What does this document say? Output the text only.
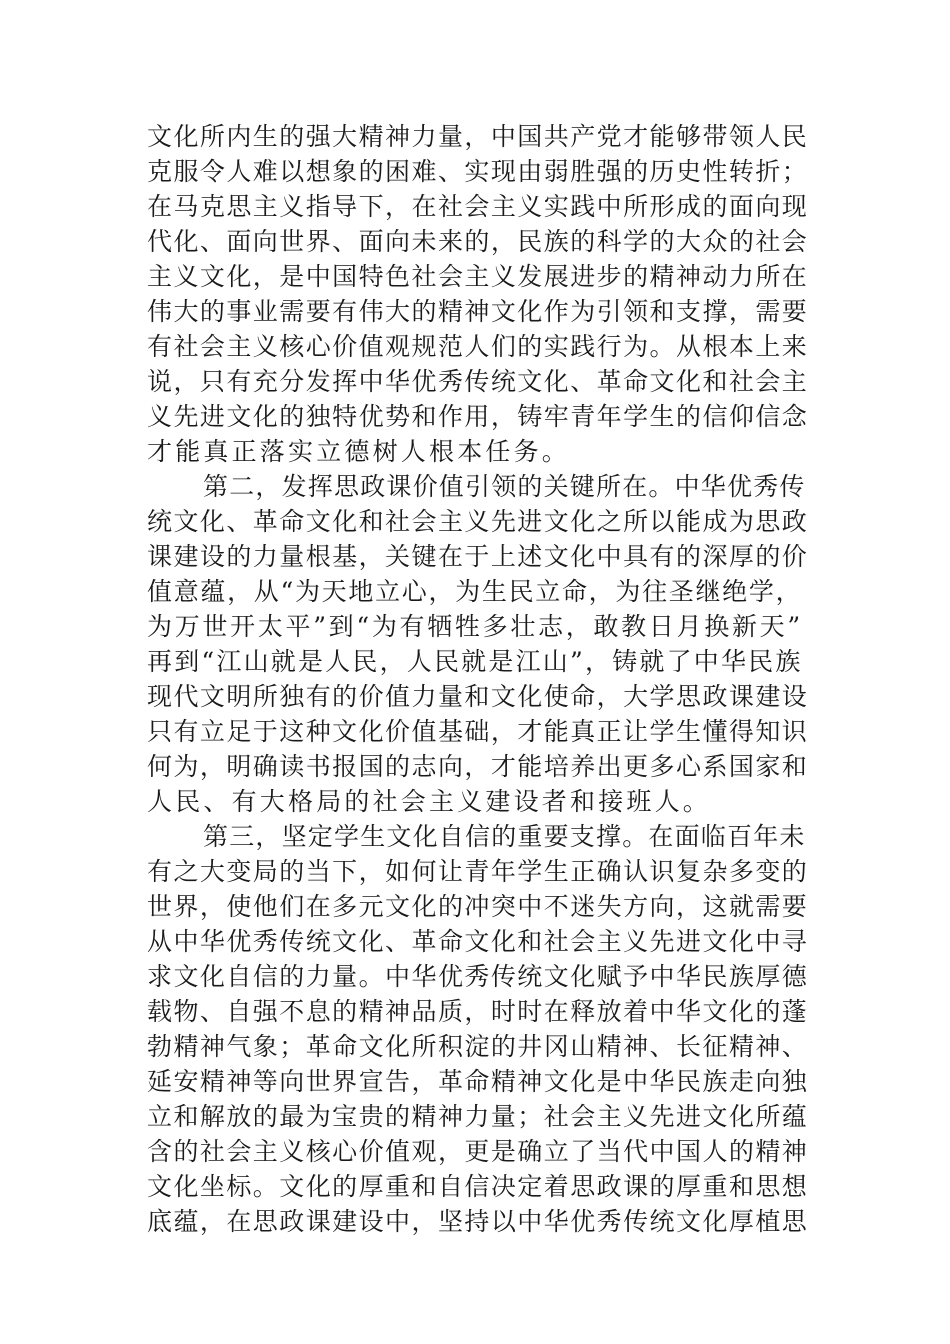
文化所内生的强大精神力量，中国共产党才能够带领人民
克服令人难以想象的困难、实现由弱胜强的历史性转折；
在马克思主义指导下，在社会主义实践中所形成的面向现
代化、面向世界、面向未来的，民族的科学的大众的社会
主义文化，是中国特色社会主义发展进步的精神动力所在
伟大的事业需要有伟大的精神文化作为引领和支撑，需要
有社会主义核心价值观规范人们的实践行为。从根本上来
说，只有充分发挥中华优秀传统文化、革命文化和社会主
义先进文化的独特优势和作用，铸牢青年学生的信仰信念
才能真正落实立德树人根本任务。
第二，发挥思政课价值引领的关键所在。中华优秀传
统文化、革命文化和社会主义先进文化之所以能成为思政
课建设的力量根基，关键在于上述文化中具有的深厚的价
值意蕴，从“为天地立心，为生民立命，为往圣继绝学，
为万世开太平”到“为有牺牲多壮志，敢教日月换新天”
再到“江山就是人民，人民就是江山”，铸就了中华民族
现代文明所独有的价值力量和文化使命，大学思政课建设
只有立足于这种文化价值基础，才能真正让学生懂得知识
何为，明确读书报国的志向，才能培养出更多心系国家和
人民、有大格局的社会主义建设者和接班人。
第三，坚定学生文化自信的重要支撑。在面临百年未
有之大变局的当下，如何让青年学生正确认识复杂多变的
世界，使他们在多元文化的冲突中不迷失方向，这就需要
从中华优秀传统文化、革命文化和社会主义先进文化中寻
求文化自信的力量。中华优秀传统文化赋予中华民族厚德
载物、自强不息的精神品质，时时在释放着中华文化的蓬
勃精神气象；革命文化所积淀的井冈山精神、长征精神、
延安精神等向世界宣告，革命精神文化是中华民族走向独
立和解放的最为宝贵的精神力量；社会主义先进文化所蕴
含的社会主义核心价值观，更是确立了当代中国人的精神
文化坐标。文化的厚重和自信决定着思政课的厚重和思想
底蕴，在思政课建设中，坚持以中华优秀传统文化厚植思
